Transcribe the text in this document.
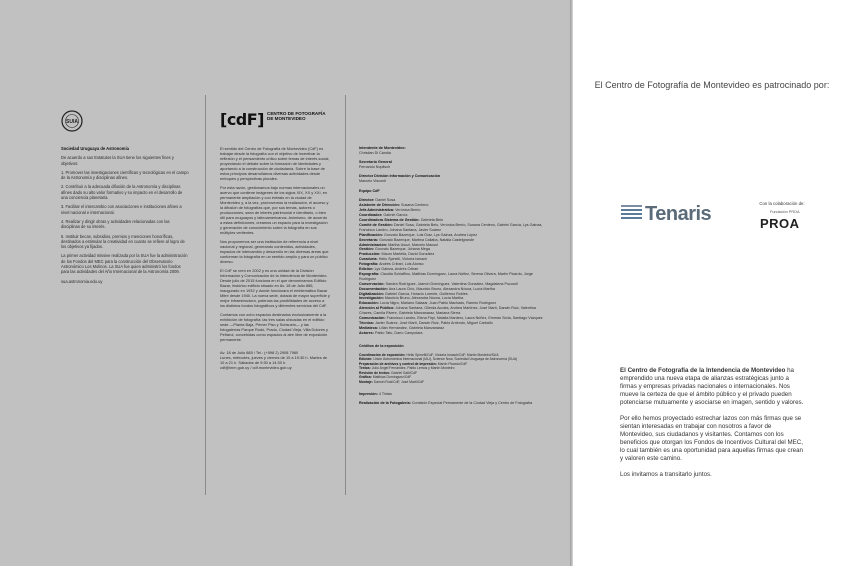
SUIA

Sociedad Uruguaya de Astronomía

De acuerdo a sus Estatutos la SUA tiene los siguientes fines y objetivos:

1. Promover las investigaciones científicas y tecnológicas en el campo de la Astronomía y disciplinas afines.

2. Contribuir a la adecuada difusión de la Astronomía y disciplinas afines dado su alto valor formativo y su impacto en el desarrollo de una conciencia planetaria.

3. Facilitar el intercambio con asociaciones e instituciones afines a nivel nacional e internacional.

4. Realizar y dirigir obras y actividades relacionadas con las disciplinas de su interés.

5. Instituir becas, subsidios, premios y menciones honoríficas, destinados a estimular la creatividad en cuanto se refiere al logro de los objetivos ya fijados.

La primer actividad missive realizada por la SUA fue la administración de los Fondos del MEC para la construcción del Observatorio Astronómico Los Molinos. La SUA fue quien administró los fondos para las actividades del Año Internacional de la Astronomía 2009.

sua.astronomia.edu.uy

[cdF] CENTRO DE FOTOGRAFÍA DE MONTEVIDEO

El sentido del Centro de Fotografía de Montevideo (CdF) es trabajar desde la fotografía con el objetivo de incentivar la reflexión y el pensamiento crítico sobre temas de interés social, proyectando el debate sobre la formación de identidades y aportando a la construcción de ciudadanía. Sobre la base de estos principios desarrollamos diversas actividades desde enfoques y perspectivas plurales.

Por esta razón, gestionamos bajo normas internacionales un acervo que contiene imágenes de los siglos XIX, XX y XXI, en permanente ampliación y con énfasis en la ciudad de Montevideo y, a la vez, promovemos la realización, el acceso y la difusión de fotografías que, por sus temas, autores o producciones, sean de interés patrimonial e identitario, o bien útil para uruguayos y latinoamericanos. Asimismo, de acuerdo a estas definiciones, creamos un espacio para la investigación y generación de conocimiento sobre la fotografía en sus múltiples vertientes.

Nos proponemos ser una institución de referencia a nivel nacional y regional, generando contenidos, actividades, espacios de intercambio y desarrollo en las diversas áreas que conforman la fotografía en un sentido amplio y para un público diverso.

El CdF se creó en 2002 y es una unidad de la División Información y Comunicación de la Intendencia de Montevideo. Desde julio de 2015 funciona en el que denominamos Edificio Bazar, histórico edificio situado en Av. 18 de Julio 885, inaugurado en 1932 y donde funcionara el emblemático Bazar Mitre desde 1940. La nueva sede, dotada de mayor superficie y mejor infraestructura, potencia las posibilidades de acceso a los distintos fondos fotográficos y diferentes servicios del CdF.

Contamos con ocho espacios destinados exclusivamente a la exhibición de fotografía: las tres salas ubicadas en el edificio sede —Planta Baja, Primer Piso y Subsuelo— y las fotogalerías Parque Rodó, Prado, Ciudad Vieja, Villa Dolores y Peñarol, concebidas como espacios al aire libre de exposición permanente.

Av. 18 de Julio 885 / Tel.: (+598 2) 2908 7960
Lunes, miércoles, jueves y viernes de 10 a 19:30 h. Martes de 10 a 21 h. Sábados de 9:30 a 14:30 h.
cdf@imm.gub.uy / cdf.montevideo.gub.uy

Intendente de Montevideo:
Christian Di Candia

Secretario General
Fernando Nopitsch

Director División Información y Comunicación
Marcelo Visconti

Equipo CdF

Director: Daniel Sosa
Asistente de Dirección: Susana Centeno
Jefa Administrativa: Verónica Berrio
Coordinador: Gabriel García
Coordinadora Sistema de Gestión: Gabriela Belo
Comité de Gestión: Daniel Sosa, Gabriela Belo, Verónica Berrio, Susana Centeno, Gabriel García, Lys Gainza, Francisco Landro, Johana Santana, Javier Suárez
Planificación: Gonzalo Bazerque, Luis Díaz, Lys Gainza, Andrea López
Secretaría: Gonzalo Bazerque, Martina Callaba, Natalia Castelgrande
Administración: Martha Usuzi, Marcelo Mausol
Gestión: Gonzalo Bazerque, Johana Mega
Producción: Mauro Martella, David González
Curaduría: Heilu Spinelli, Victoria Ismach
Fotografía: Andrés Cribari, Luis Alonso
Edición: Lys Gainza, Andrés Cribari
Espografía: Claudia Schiaffino, Matthias Domínguez, Laura Núñez, Serena Olivera, Martín Picardo, Jorge Rodríguez
Conservación: Sandra Rodríguez, Jazmín Domínguez, Valentina González, Magdalena Pucurull
Documentación: Ana Laura Cirio, Mauricio Bruno, Alexandra Nóvoa, Lucía Martha
Digitalización: Gabriel García, Horacio Lorente, Guillermo Robles
Investigación: Mauricio Bruno, Alexandra Nóvoa, Lucía Martha
Educación: Lucía Nigro, Mariano Salazar, Juan Pablo Machado, Ramiro Rodríguez
Atención al Público: Johana Santana, Gilerda Acosta, Andrea Martínez, José Martí, Darwin Ruiz, Valentina Chaves, Camila Rivere, Gabriela Manzanaraz, Mariana Sierra
Comunicación: Francisco Landro, Elena Firpi, Natalia Mardero, Laura Núñez, Ernesto Sória, Santiago Vázquez
Técnica: Javier Suárez, José Martí, Darwin Ruiz, Pablo Arriendo, Miguel Carballo
Mediateca: Lilián Hernández, Gabriela Manzanaraz
Actores: Pablo Tato, Darío Campolara

Créditos de la exposición

Coordinación de exposición: Heilu Spinelli/CdF, Victoria Ismach/CdF, Martín Monteiro/SUA
Edición: Unión Astronómica Internacional (IAU), Science Now, Sociedad Uruguaya de Astronomía (SUA)
Preparación de archivos y control de impresión: Martín Picardo/CdF
Textos: Julio Ángel Fernández, Pablo Lemos y Martín Monteiro
Revisión de textos: Gabriel Galli/CdF
Gráfica: Matthias Domínguez/CdF
Montaje: Darwin Ruiz/CdF, José Martí/CdF

Impresión: 4 Tintas

Realización de la Fotogalería: Comisión Especial Permanente de la Ciudad Vieja y Centro de Fotografía

El Centro de Fotografía de Montevideo es patrocinado por:
Tenaris	Con la colaboración de:
Fundación PROA
PROA

El Centro de Fotografía de la Intendencia de Montevideo ha emprendido una nueva etapa de alianzas estratégicas junto a firmas y empresas privadas nacionales o internacionales. Nos mueve la certeza de que el ámbito público y el privado pueden potenciarse mutuamente y asociarse en imagen, sentido y valores.

Por ello hemos proyectado estrechar lazos con más firmas que se sientan interesadas en trabajar con nosotros a favor de Montevideo, sus ciudadanos y visitantes. Contamos con los beneficios que otorgan los Fondos de Incentivos Cultural del MEC, lo cual también es una oportunidad para aquellas firmas que crean y valoren este camino.

Los invitamos a transitarlo juntos.
